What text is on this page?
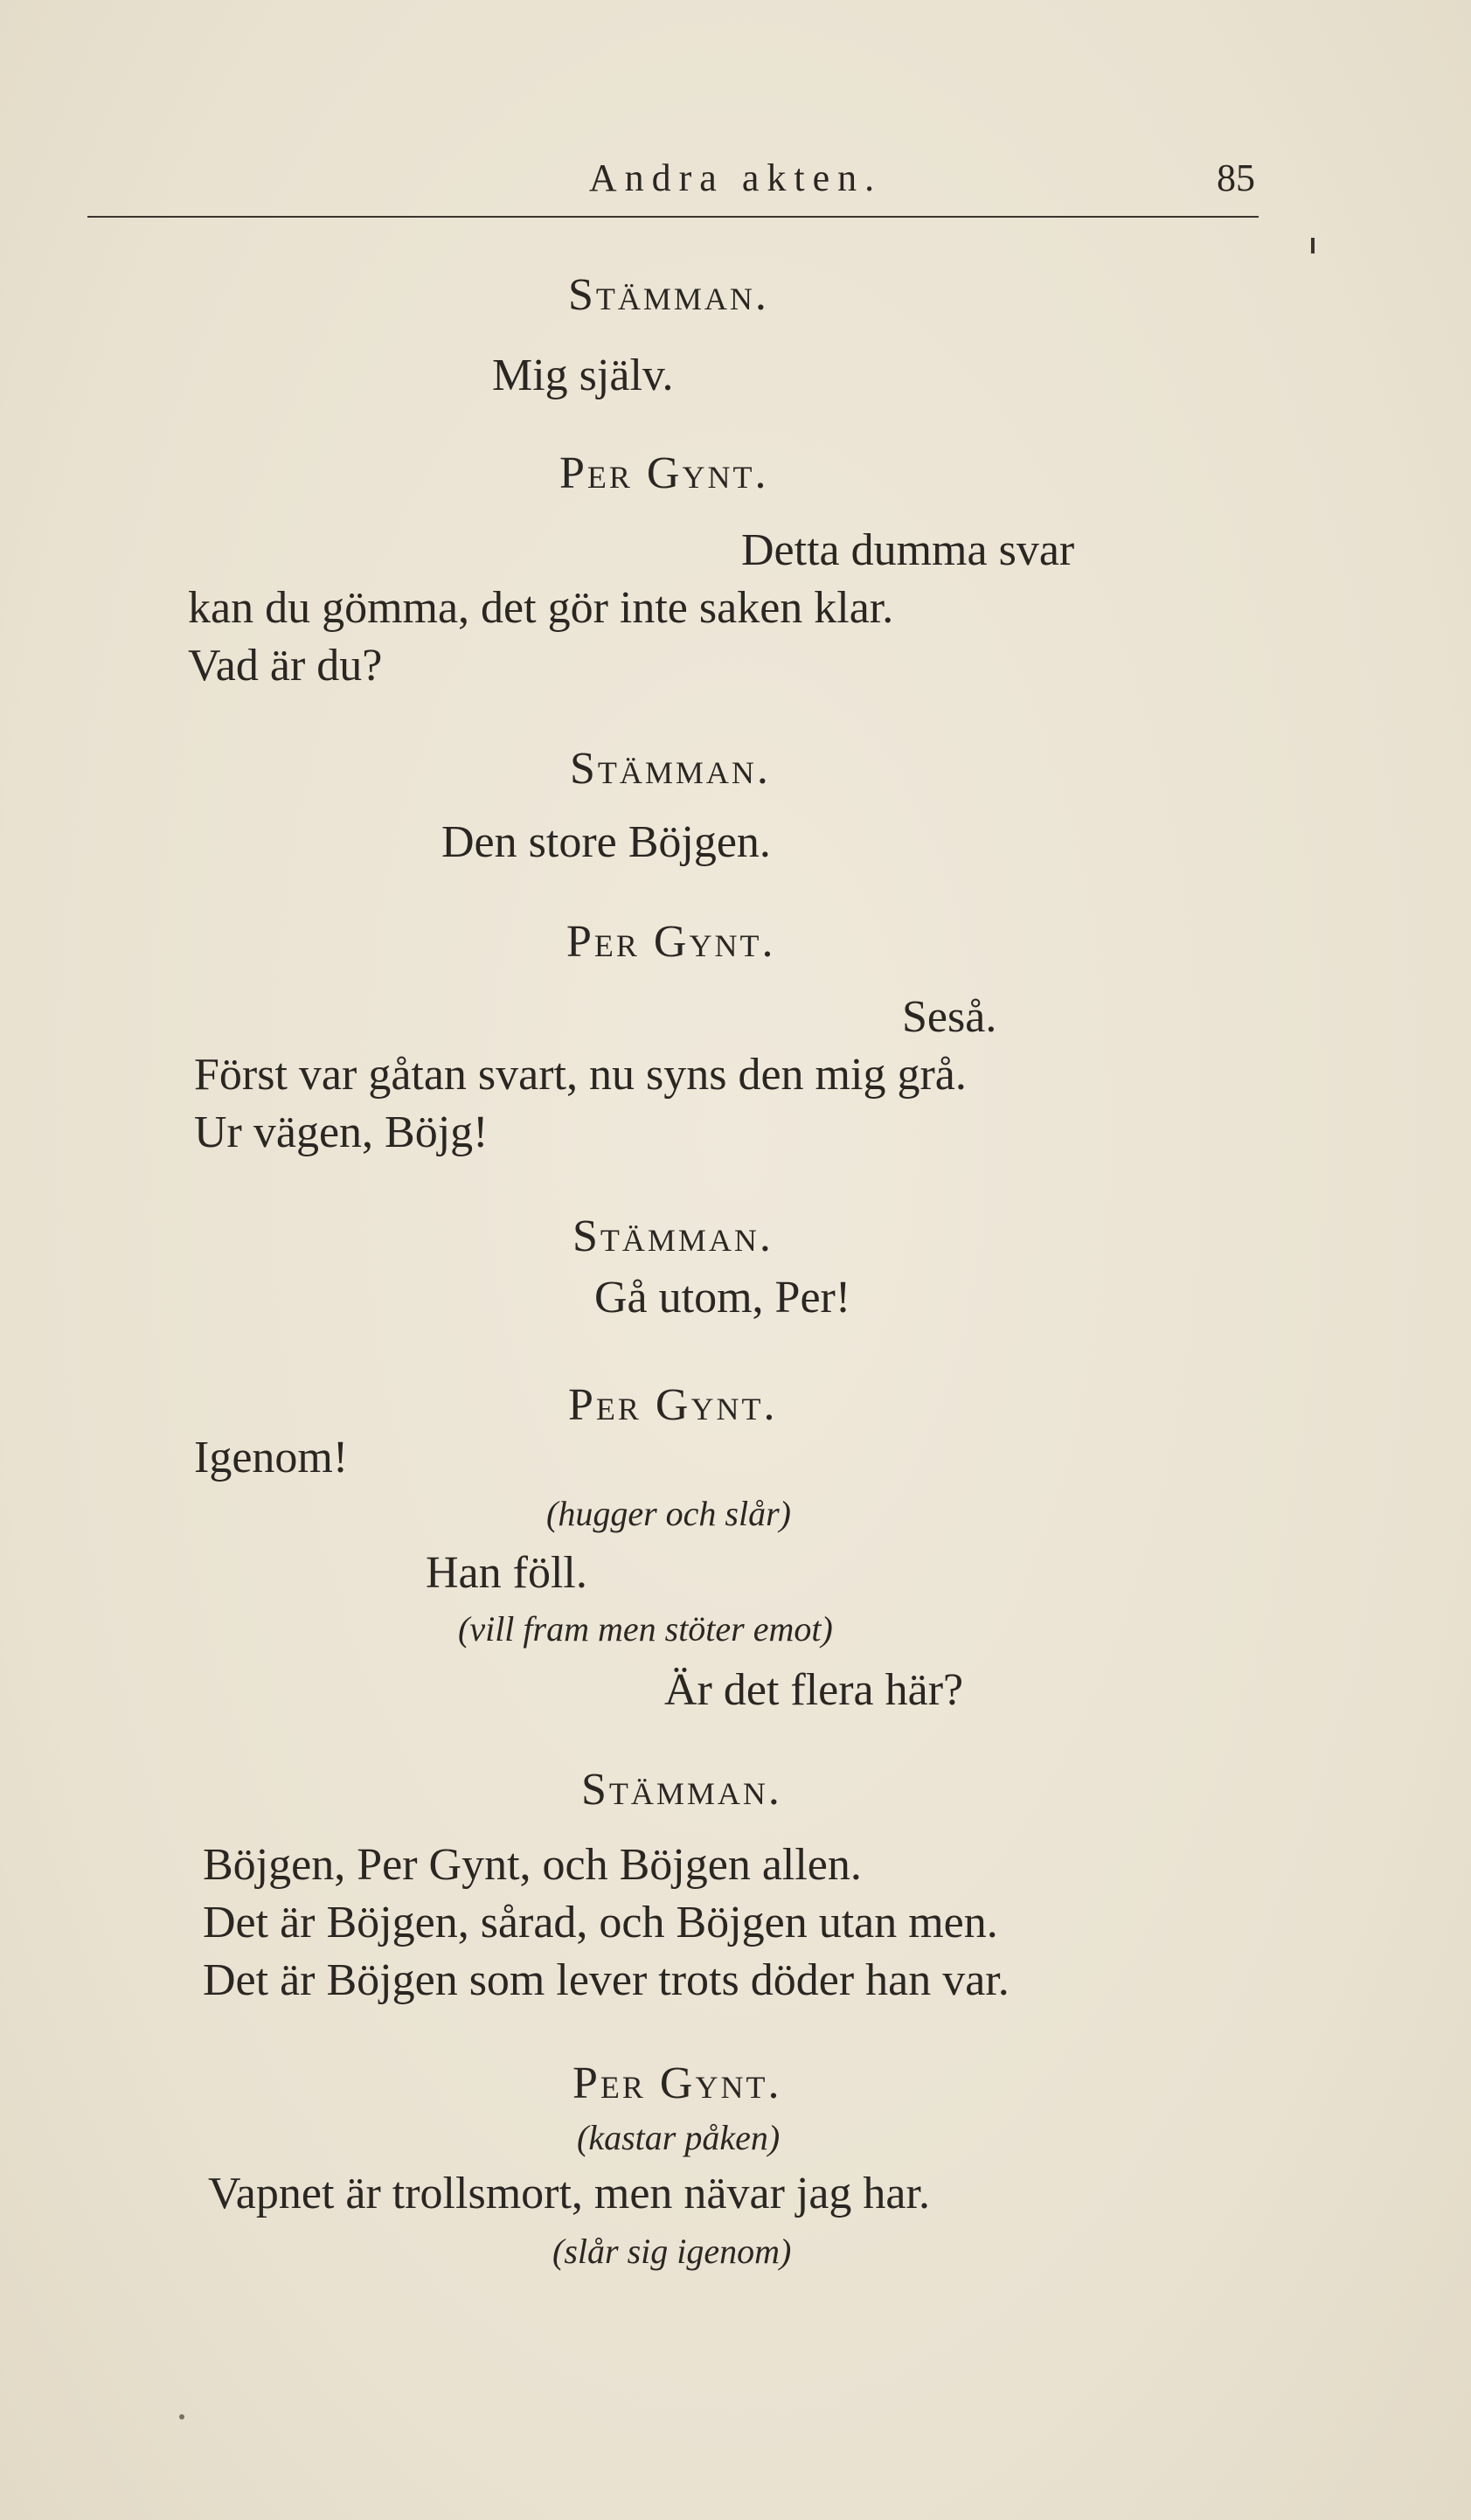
Andra akten.	85
Stämman.
Mig själv.
Per Gynt.
Detta dumma svar
kan du gömma, det gör inte saken klar.
Vad är du?
Stämman.
Den store Böjgen.
Per Gynt.
Seså.
Först var gåtan svart, nu syns den mig grå.
Ur vägen, Böjg!
Stämman.
Gå utom, Per!
Per Gynt.
Igenom!
(hugger och slår)
Han föll.
(vill fram men stöter emot)
Är det flera här?
Stämman.
Böjgen, Per Gynt, och Böjgen allen.
Det är Böjgen, sårad, och Böjgen utan men.
Det är Böjgen som lever trots döder han var.
Per Gynt.
(kastar påken)
Vapnet är trollsmort, men nävar jag har.
(slår sig igenom)
